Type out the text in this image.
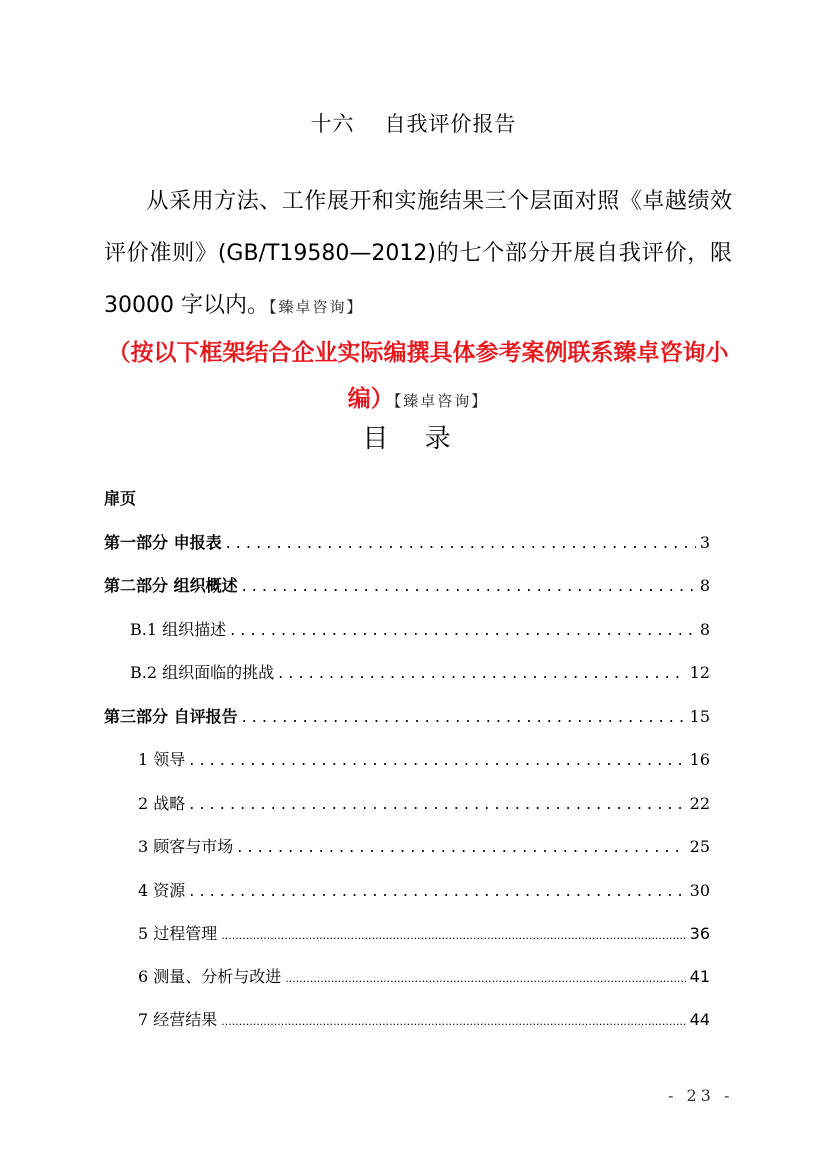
十六 自我评价报告
从采用方法、工作展开和实施结果三个层面对照《卓越绩效评价准则》(GB/T19580—2012)的七个部分开展自我评价，限 30000 字以内。【臻卓咨询】
（按以下框架结合企业实际编撰具体参考案例联系臻卓咨询小编）【臻卓咨询】
目 录
扉页
第一部分 申报表 . . .	3
第二部分 组织概述 . . .	8
B.1 组织描述 . . .	8
B.2 组织面临的挑战 . . .	12
第三部分 自评报告 . . .	15
1 领导 . . .	16
2 战略 . . .	22
3 顾客与市场 . . .	25
4 资源 . . .	30
5 过程管理 .....	36
6 测量、分析与改进 .....	41
7 经营结果 .....	44
- 23 -
